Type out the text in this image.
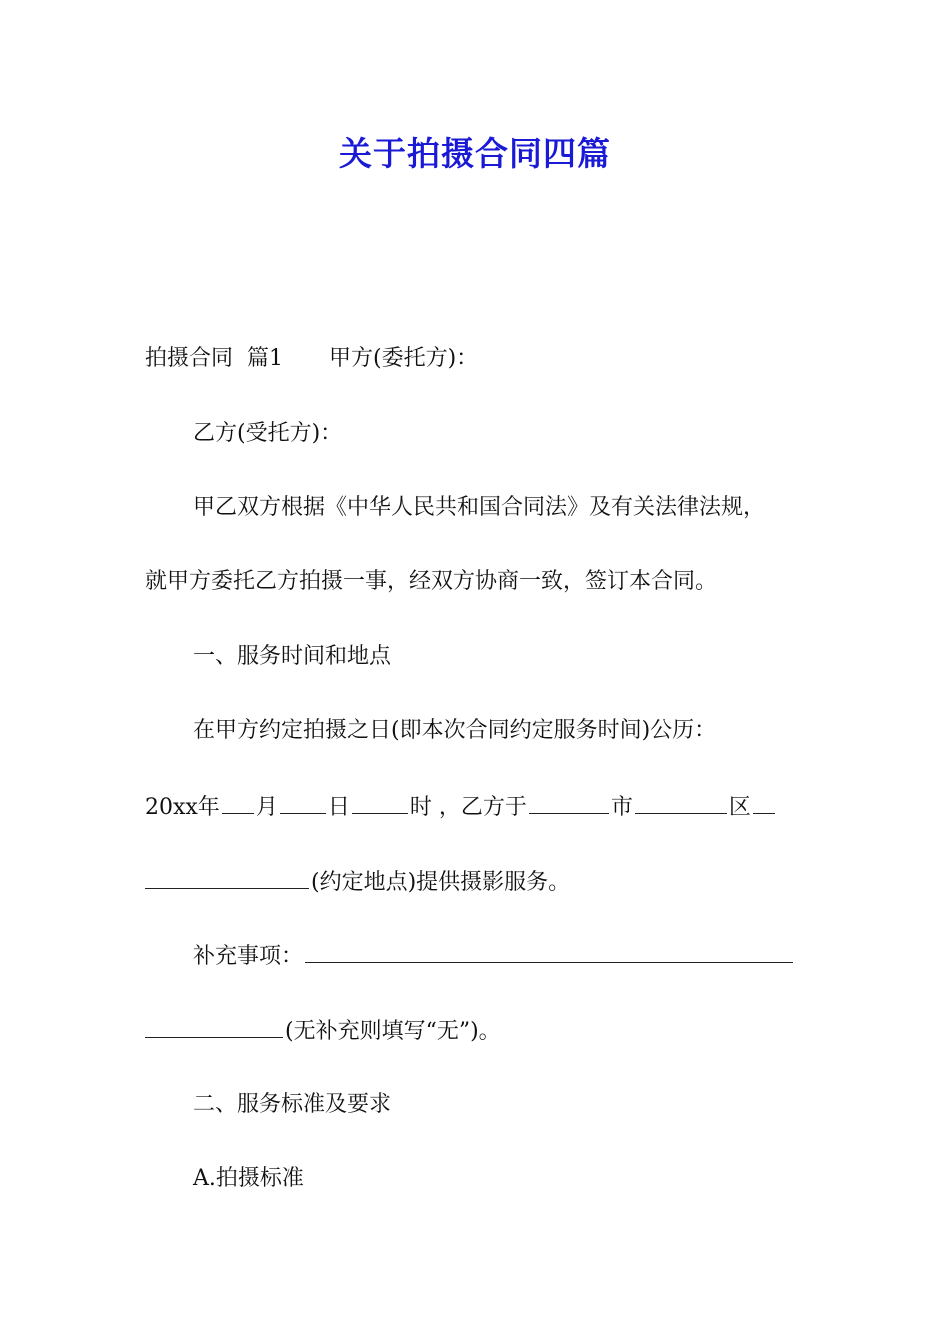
关于拍摄合同四篇

拍摄合同  篇1 甲方(委托方)：

乙方(受托方)：

甲乙双方根据《中华人民共和国合同法》及有关法律法规，

就甲方委托乙方拍摄一事，经双方协商一致，签订本合同。

一、服务时间和地点

在甲方约定拍摄之日(即本次合同约定服务时间)公历：

20xx年 月 日	时 ，乙方于	市	区

(约定地点)提供摄影服务。

补充事项：

(无补充则填写“无”)。

二、服务标准及要求

A.拍摄标准
